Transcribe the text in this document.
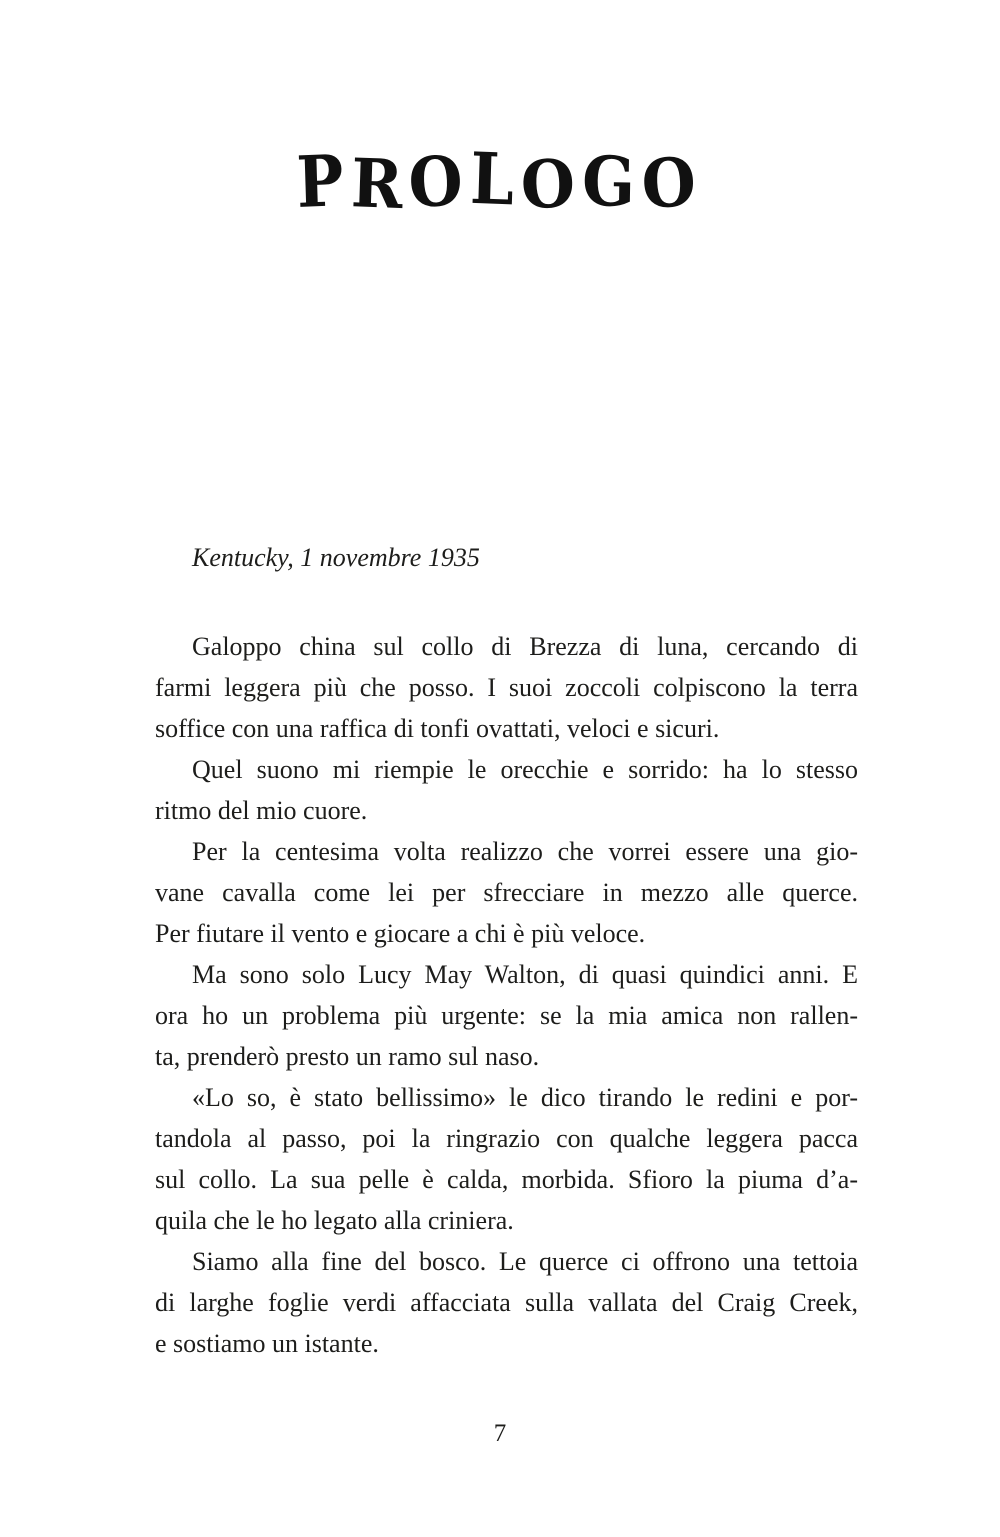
PROLOGO

Kentucky, 1 novembre 1935

Galoppo china sul collo di Brezza di luna, cercando di
farmi leggera più che posso. I suoi zoccoli colpiscono la terra
soffice con una raffica di tonfi ovattati, veloci e sicuri.
Quel suono mi riempie le orecchie e sorrido: ha lo stesso
ritmo del mio cuore.
Per la centesima volta realizzo che vorrei essere una gio-
vane cavalla come lei per sfrecciare in mezzo alle querce.
Per fiutare il vento e giocare a chi è più veloce.
Ma sono solo Lucy May Walton, di quasi quindici anni. E
ora ho un problema più urgente: se la mia amica non rallen-
ta, prenderò presto un ramo sul naso.
«Lo so, è stato bellissimo» le dico tirando le redini e por-
tandola al passo, poi la ringrazio con qualche leggera pacca
sul collo. La sua pelle è calda, morbida. Sfioro la piuma d’a-
quila che le ho legato alla criniera.
Siamo alla fine del bosco. Le querce ci offrono una tettoia
di larghe foglie verdi affacciata sulla vallata del Craig Creek,
e sostiamo un istante.
7
